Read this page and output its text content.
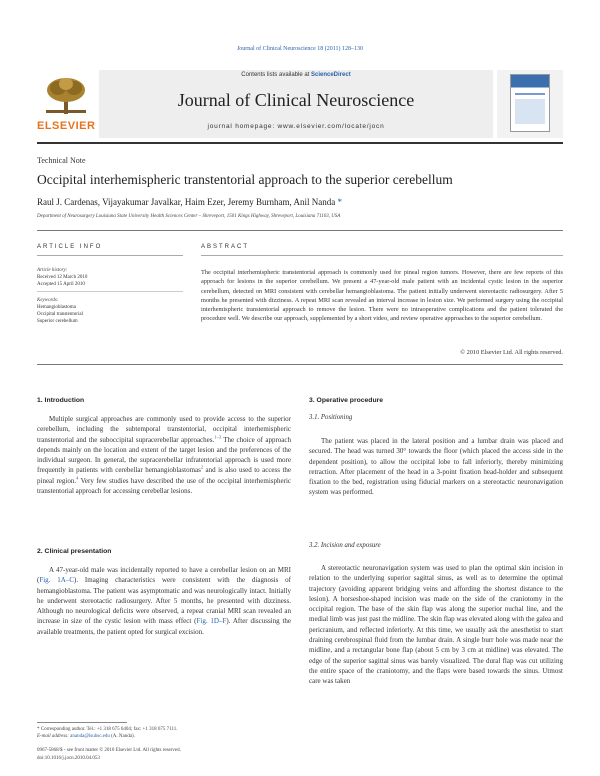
Journal of Clinical Neuroscience 18 (2011) 128–130
ELSEVIER
Contents lists available at ScienceDirect
Journal of Clinical Neuroscience
journal homepage: www.elsevier.com/locate/jocn
Technical Note
Occipital interhemispheric transtentorial approach to the superior cerebellum
Raul J. Cardenas, Vijayakumar Javalkar, Haim Ezer, Jeremy Burnham, Anil Nanda *
Department of Neurosurgery Louisiana State University Health Sciences Center – Shreveport, 1501 Kings Highway, Shreveport, Louisiana 71103, USA
ARTICLE INFO	ABSTRACT
Article history:
Received 12 March 2010
Accepted 15 April 2010
Keywords:
Hemangioblastoma
Occipital transtentorial
Superior cerebellum
The occipital interhemispheric transtentorial approach is commonly used for pineal region tumors. However, there are few reports of this approach for lesions in the superior cerebellum. We present a 47-year-old male patient with an incidental cystic lesion in the superior cerebellum, detected on MRI consistent with cerebellar hemangioblastoma. The patient initially underwent stereotactic radiosurgery. After 5 months he presented with dizziness. A repeat MRI scan revealed an interval increase in lesion size. We performed surgery using the occipital interhemispheric transtentorial approach to remove the lesion. There were no intraoperative complications and the patient tolerated the procedure well. We describe our approach, supplemented by a short video, and review operative approaches to the superior cerebellum.
© 2010 Elsevier Ltd. All rights reserved.
1. Introduction
Multiple surgical approaches are commonly used to provide access to the superior cerebellum, including the subtemporal transtentorial, occipital interhemispheric transtentorial and the suboccipital supracerebellar approaches.$^{1-3}$ The choice of approach depends mainly on the location and extent of the target lesion and the preferences of the individual surgeon. In general, the supracerebellar infratentorial approach is used more frequently in patients with cerebellar hemangioblastomas$^2$ and is also used to access the pineal region.$^4$ Very few studies have described the use of the occipital interhemispheric transtentorial approach for accessing cerebellar lesions.
2. Clinical presentation
A 47-year-old male was incidentally reported to have a cerebellar lesion on an MRI (Fig. 1A–C). Imaging characteristics were consistent with the diagnosis of hemangioblastoma. The patient was asymptomatic and was neurologically intact. Initially he underwent stereotactic radiosurgery. After 5 months, he presented with dizziness. Although no neurological deficits were observed, a repeat cranial MRI scan revealed an increase in size of the cystic lesion with mass effect (Fig. 1D–F). After discussing the available treatments, the patient opted for surgical excision.
* Corresponding author. Tel.: +1 318 675 6404; fax: +1 318 675 7111.
E-mail address: ananda@lsuhsc.edu (A. Nanda).
0967-5868/$ - see front matter © 2010 Elsevier Ltd. All rights reserved.
doi:10.1016/j.jocn.2010.04.053
3. Operative procedure
3.1. Positioning
The patient was placed in the lateral position and a lumbar drain was placed and secured. The head was turned 30° towards the floor (which placed the access side in the dependent position), to allow the occipital lobe to fall inferiorly, thereby minimizing retraction. After placement of the head in a 3-point fixation head-holder and subsequent fixation to the bed, registration using fiducial markers on a stereotactic neuronavigation system was performed.
3.2. Incision and exposure
A stereotactic neuronavigation system was used to plan the optimal skin incision in relation to the underlying superior sagittal sinus, as well as to determine the optimal trajectory (avoiding apparent bridging veins and affording the shortest distance to the lesion). A horseshoe-shaped incision was made on the side of the craniotomy in the occipital region. The base of the skin flap was along the superior nuchal line, and the medial limb was just past the midline. The skin flap was elevated along with the galea and pericranium, and reflected inferiorly. At this time, we usually ask the anesthetist to start draining cerebrospinal fluid from the lumbar drain. A single burr hole was made near the midline, and a rectangular bone flap (about 5 cm by 3 cm at midline) was elevated. The edge of the superior sagittal sinus was barely visualized. The dural flap was cut utilizing the entire space of the craniotomy, and the flaps were based towards the sinus. Utmost care was taken
